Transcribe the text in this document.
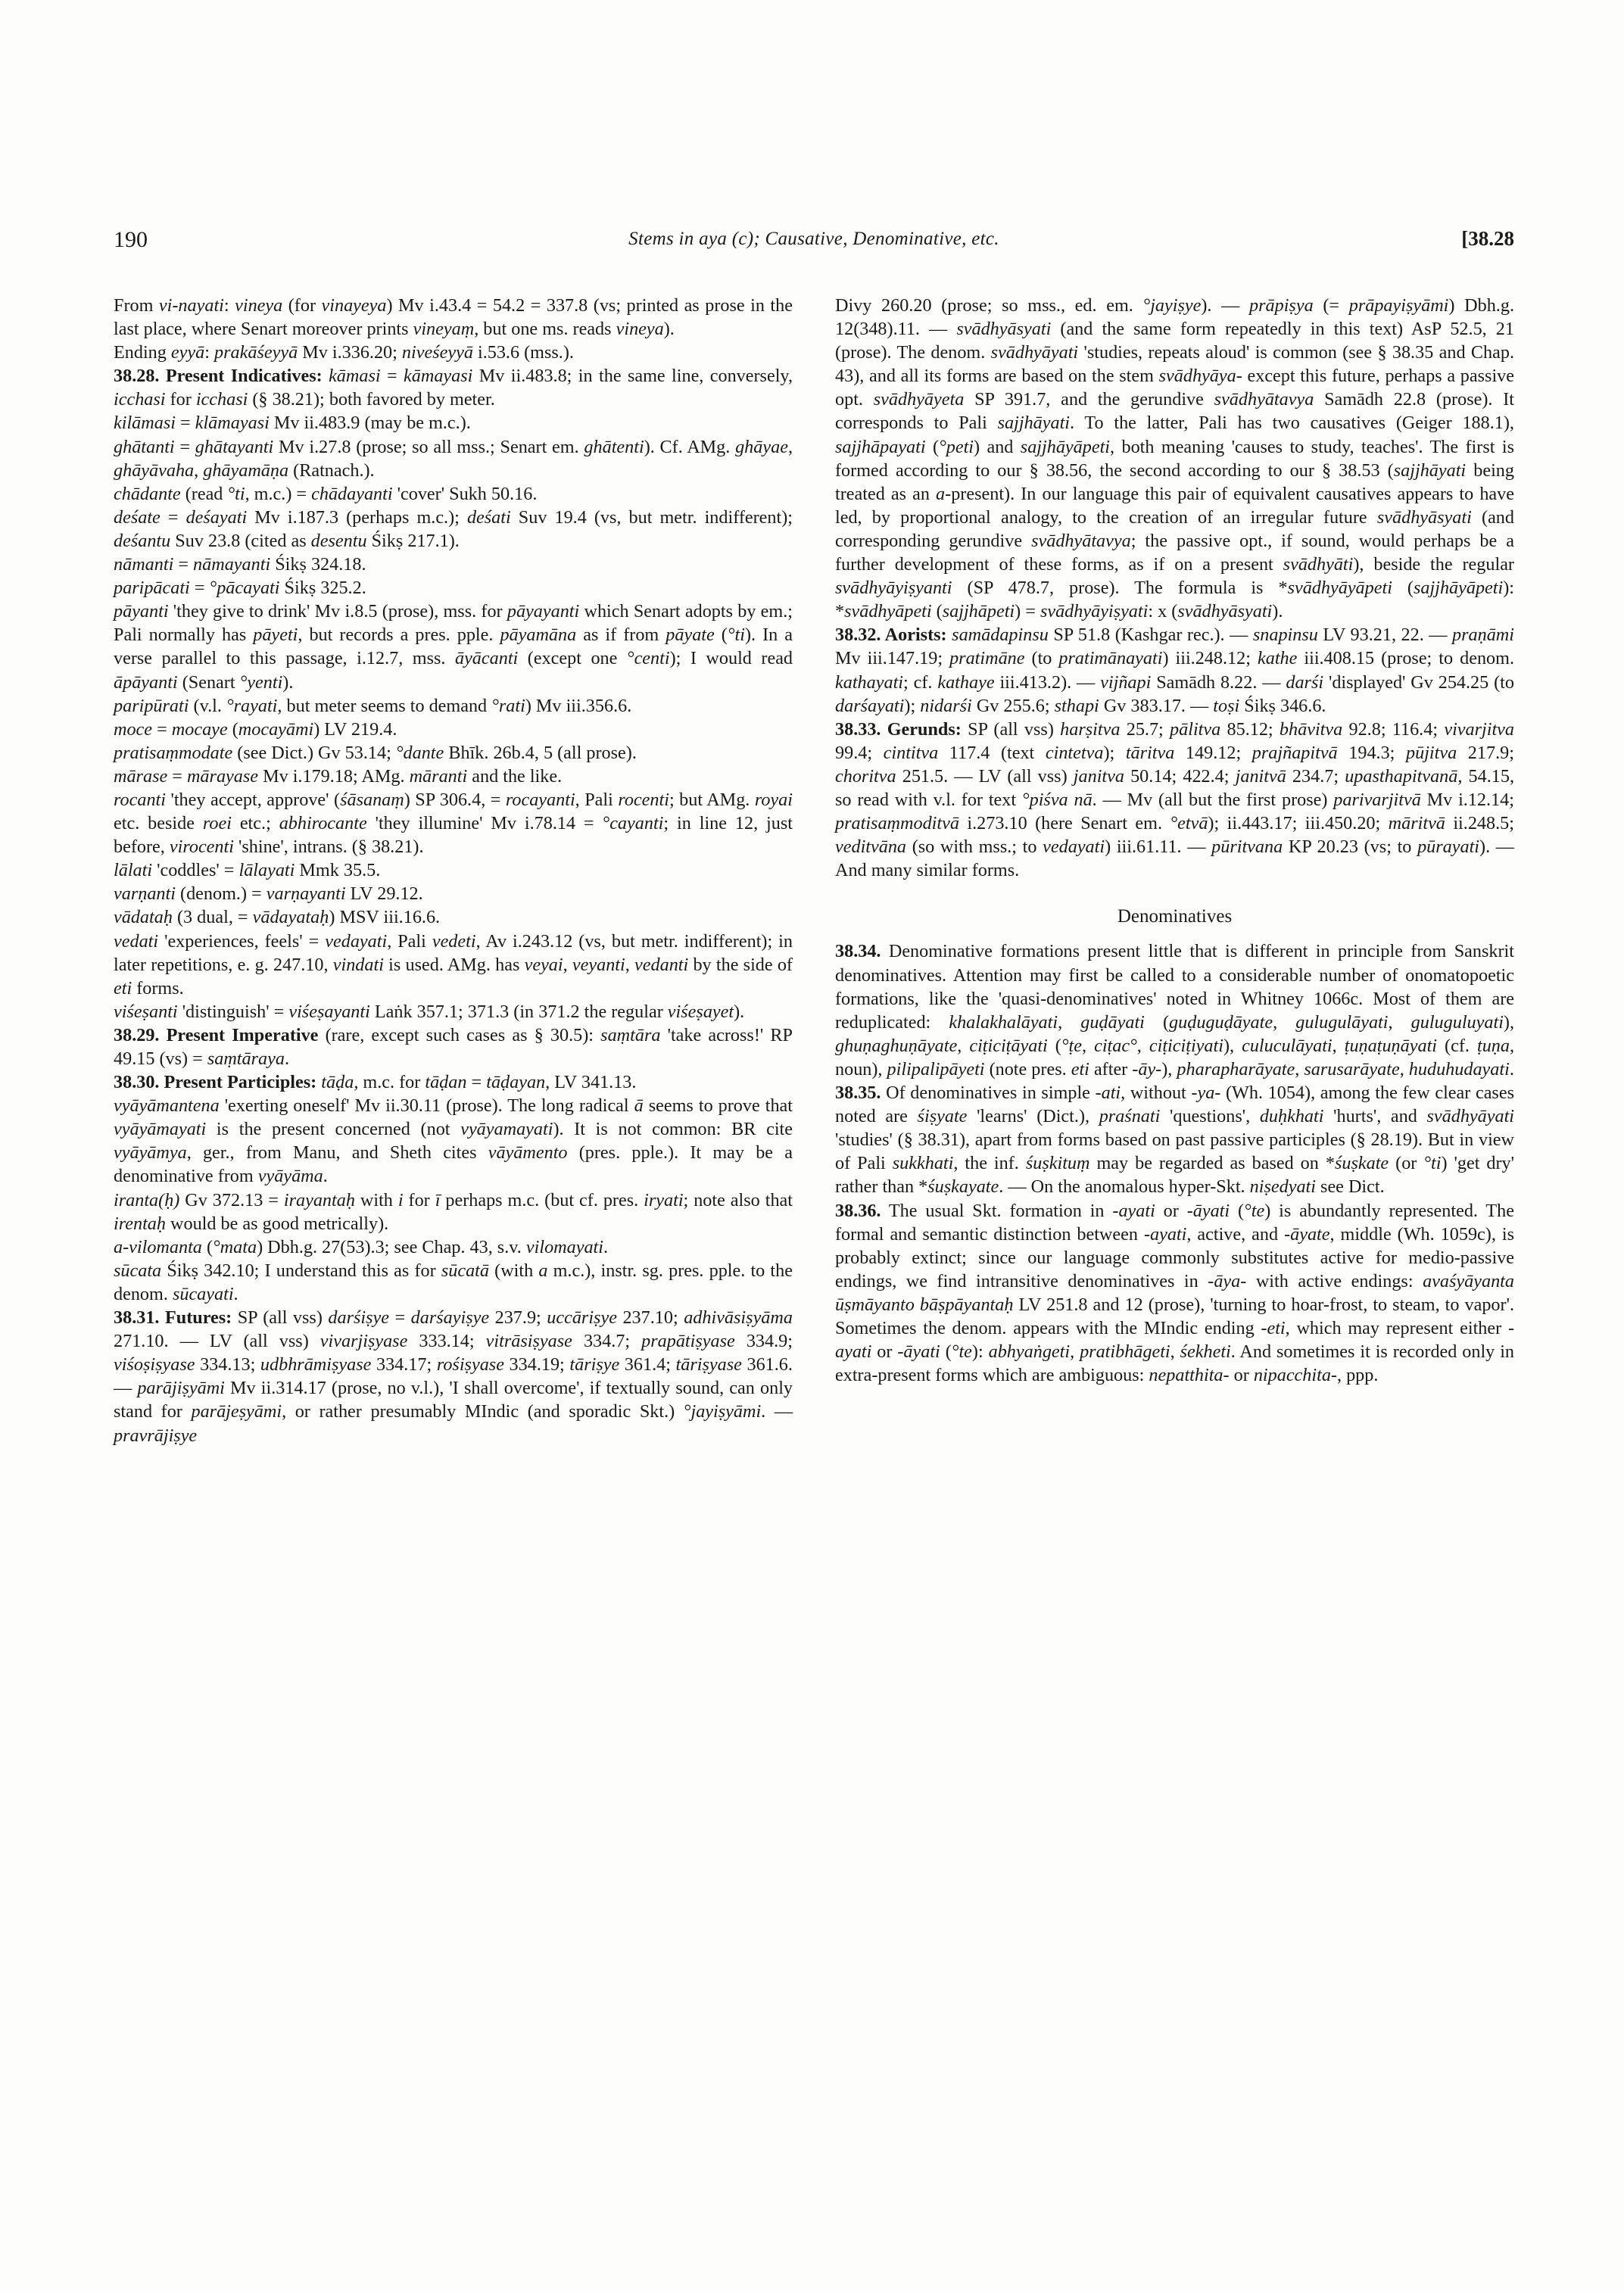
190	Stems in aya (c); Causative, Denominative, etc.	[38.28

From vi-nayati: vineya (for vinayeya) Mv i.43.4 = 54.2 = 337.8 (vs; printed as prose in the last place, where Senart moreover prints vineyaṃ, but one ms. reads vineya).

Ending eyyā: prakāśeyyā Mv i.336.20; niveśeyyā i.53.6 (mss.).

38.28. Present Indicatives: kāmasi = kāmayasi Mv ii.483.8; in the same line, conversely, icchasi for icchasi (§ 38.21); both favored by meter.

kilāmasi = klāmayasi Mv ii.483.9 (may be m.c.).

ghātanti = ghātayanti Mv i.27.8 (prose; so all mss.; Senart em. ghātenti). Cf. AMg. ghāyae, ghāyāvaha, ghāyamāṇa (Ratnach.).

chādante (read °ti, m.c.) = chādayanti 'cover' Sukh 50.16.

deśate = deśayati Mv i.187.3 (perhaps m.c.); deśati Suv 19.4 (vs, but metr. indifferent); deśantu Suv 23.8 (cited as desentu Śikṣ 217.1).

nāmanti = nāmayanti Śikṣ 324.18.

paripācati = °pācayati Śikṣ 325.2.

pāyanti 'they give to drink' Mv i.8.5 (prose), mss. for pāyayanti which Senart adopts by em.; Pali normally has pāyeti, but records a pres. pple. pāyamāna as if from pāyate (°ti). In a verse parallel to this passage, i.12.7, mss. āyācanti (except one °centi); I would read āpāyanti (Senart °yenti).

paripūrati (v.l. °rayati, but meter seems to demand °rati) Mv iii.356.6.

moce = mocaye (mocayāmi) LV 219.4.

pratisaṃmodate (see Dict.) Gv 53.14; °dante Bhīk. 26b.4, 5 (all prose).

mārase = mārayase Mv i.179.18; AMg. māranti and the like.

rocanti 'they accept, approve' (śāsanaṃ) SP 306.4, = rocayanti, Pali rocenti; but AMg. royai etc. beside roei etc.; abhirocante 'they illumine' Mv i.78.14 = °cayanti; in line 12, just before, virocenti 'shine', intrans. (§ 38.21).

lālati 'coddles' = lālayati Mmk 35.5.

varṇanti (denom.) = varṇayanti LV 29.12.

vādataḥ (3 dual, = vādayataḥ) MSV iii.16.6.

vedati 'experiences, feels' = vedayati, Pali vedeti, Av i.243.12 (vs, but metr. indifferent); in later repetitions, e. g. 247.10, vindati is used. AMg. has veyai, veyanti, vedanti by the side of eti forms.

viśeṣanti 'distinguish' = viśeṣayanti Laṅk 357.1; 371.3 (in 371.2 the regular viśeṣayet).

38.29. Present Imperative (rare, except such cases as § 30.5): saṃtāra 'take across!' RP 49.15 (vs) = saṃtāraya.

38.30. Present Participles: tāḍa, m.c. for tāḍan = tāḍayan, LV 341.13.

vyāyāmantena 'exerting oneself' Mv ii.30.11 (prose). The long radical ā seems to prove that vyāyāmayati is the present concerned (not vyāyamayati). It is not common: BR cite vyāyāmya, ger., from Manu, and Sheth cites vāyāmento (pres. pple.). It may be a denominative from vyāyāma.

irantа(ḥ) Gv 372.13 = irayantaḥ with i for ī perhaps m.c. (but cf. pres. iryati; note also that irentaḥ would be as good metrically).

a-vilomanta (°mata) Dbh.g. 27(53).3; see Chap. 43, s.v. vilomayati.

sūcata Śikṣ 342.10; I understand this as for sūcatā (with a m.c.), instr. sg. pres. pple. to the denom. sūcayati.

38.31. Futures: SP (all vss) darśiṣye = darśayiṣye 237.9; uccāriṣye 237.10; adhivāsiṣyāma 271.10. — LV (all vss) vivarjiṣyase 333.14; vitrāsiṣyase 334.7; prapātiṣyase 334.9; viśoṣiṣyase 334.13; udbhrāmiṣyase 334.17; rośiṣyase 334.19; tāriṣye 361.4; tāriṣyase 361.6. — parājiṣyāmi Mv ii.314.17 (prose, no v.l.), 'I shall overcome', if textually sound, can only stand for parājeṣyāmi, or rather presumably MIndic (and sporadic Skt.) °jayiṣyāmi. — pravrājiṣye

Divy 260.20 (prose; so mss., ed. em. °jayiṣye). — prāpiṣya (= prāpayiṣyāmi) Dbh.g. 12(348).11. — svādhyāsyati (and the same form repeatedly in this text) AsP 52.5, 21 (prose). The denom. svādhyāyati 'studies, repeats aloud' is common (see § 38.35 and Chap. 43), and all its forms are based on the stem svādhyāya- except this future, perhaps a passive opt. svādhyāyeta SP 391.7, and the gerundive svādhyātavya Samādh 22.8 (prose). It corresponds to Pali sajjhāyati. To the latter, Pali has two causatives (Geiger 188.1), sajjhāpayati (°peti) and sajjhāyāpeti, both meaning 'causes to study, teaches'. The first is formed according to our § 38.56, the second according to our § 38.53 (sajjhāyati being treated as an a-present). In our language this pair of equivalent causatives appears to have led, by proportional analogy, to the creation of an irregular future svādhyāsyati (and corresponding gerundive svādhyātavya; the passive opt., if sound, would perhaps be a further development of these forms, as if on a present svādhyāti), beside the regular svādhyāyiṣyanti (SP 478.7, prose). The formula is *svādhyāyāpeti (sajjhāyāpeti): *svādhyāpeti (sajjhāpeti) = svādhyāyiṣyati: x (svādhyāsyati).

38.32. Aorists: samādapinsu SP 51.8 (Kashgar rec.). — snapinsu LV 93.21, 22. — praṇāmi Mv iii.147.19; pratimāne (to pratimānayati) iii.248.12; kathe iii.408.15 (prose; to denom. kathayati; cf. kathaye iii.413.2). — vijñapi Samādh 8.22. — darśi 'displayed' Gv 254.25 (to darśayati); nidarśi Gv 255.6; sthapi Gv 383.17. — toṣi Śikṣ 346.6.

38.33. Gerunds: SP (all vss) harṣitva 25.7; pālitva 85.12; bhāvitva 92.8; 116.4; vivarjitva 99.4; cintitva 117.4 (text cintetva); tāritva 149.12; prajñapitvā 194.3; pūjitva 217.9; choritva 251.5. — LV (all vss) janitva 50.14; 422.4; janitvā 234.7; upasthapitvanā, 54.15, so read with v.l. for text °piśva nā. — Mv (all but the first prose) parivarjitvā Mv i.12.14; pratisaṃmoditvā i.273.10 (here Senart em. °etvā); ii.443.17; iii.450.20; māritvā ii.248.5; veditvāna (so with mss.; to vedayati) iii.61.11. — pūritvana KP 20.23 (vs; to pūrayati). — And many similar forms.

Denominatives

38.34. Denominative formations present little that is different in principle from Sanskrit denominatives. Attention may first be called to a considerable number of onomatopoetic formations, like the 'quasi-denominatives' noted in Whitney 1066c. Most of them are reduplicated: khalakhalāyati, guḍāyati (guḍuguḍāyate, gulugulāyati, guluguluyati), ghuṇaghuṇāyate, ciṭiciṭāyati (°ṭe, ciṭac°, ciṭiciṭiyati), culuculāyati, ṭuṇaṭuṇāyati (cf. ṭuṇa, noun), pilipalipāyeti (note pres. eti after -āy-), pharapharāyate, sarusarāyate, huduhudayati.

38.35. Of denominatives in simple -ati, without -ya- (Wh. 1054), among the few clear cases noted are śiṣyate 'learns' (Dict.), praśnati 'questions', duḥkhati 'hurts', and svādhyāyati 'studies' (§ 38.31), apart from forms based on past passive participles (§ 28.19). But in view of Pali sukkhati, the inf. śuṣkituṃ may be regarded as based on *śuṣkate (or °ti) 'get dry' rather than *śuṣkayate. — On the anomalous hyper-Skt. niṣedyati see Dict.

38.36. The usual Skt. formation in -ayati or -āyati (°te) is abundantly represented. The formal and semantic distinction between -ayati, active, and -āyate, middle (Wh. 1059c), is probably extinct; since our language commonly substitutes active for medio-passive endings, we find intransitive denominatives in -āya- with active endings: avaśyāyanta ūṣmāyanto bāṣpāyantaḥ LV 251.8 and 12 (prose), 'turning to hoar-frost, to steam, to vapor'. Sometimes the denom. appears with the MIndic ending -eti, which may represent either -ayati or -āyati (°te): abhyaṅgeti, pratibhāgeti, śekheti. And sometimes it is recorded only in extra-present forms which are ambiguous: nepatthita- or nipacchita-, ppp.
